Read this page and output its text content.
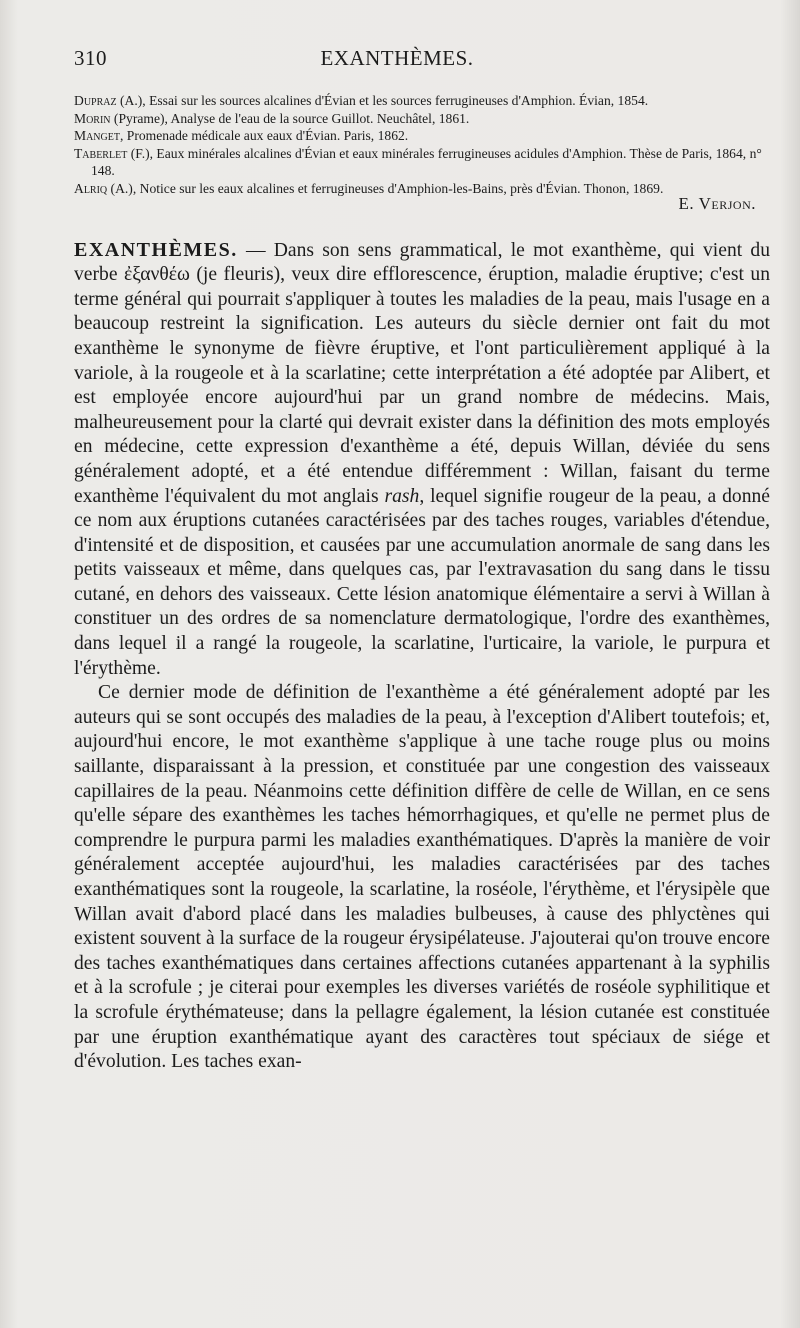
310	EXANTHÈMES.

Dupraz (A.), Essai sur les sources alcalines d'Évian et les sources ferrugineuses d'Amphion. Évian, 1854.

Morin (Pyrame), Analyse de l'eau de la source Guillot. Neuchâtel, 1861.

Manget, Promenade médicale aux eaux d'Évian. Paris, 1862.

Taberlet (F.), Eaux minérales alcalines d'Évian et eaux minérales ferrugineuses acidules d'Amphion. Thèse de Paris, 1864, n° 148.

Alriq (A.), Notice sur les eaux alcalines et ferrugineuses d'Amphion-les-Bains, près d'Évian. Thonon, 1869.

E. Verjon.

EXANTHÈMES. — Dans son sens grammatical, le mot exanthème, qui vient du verbe ἐξανθέω (je fleuris), veux dire efflorescence, éruption, maladie éruptive; c'est un terme général qui pourrait s'appliquer à toutes les maladies de la peau, mais l'usage en a beaucoup restreint la signification. Les auteurs du siècle dernier ont fait du mot exanthème le synonyme de fièvre éruptive, et l'ont particulièrement appliqué à la variole, à la rougeole et à la scarlatine; cette interprétation a été adoptée par Alibert, et est employée encore aujourd'hui par un grand nombre de médecins. Mais, malheureusement pour la clarté qui devrait exister dans la définition des mots employés en médecine, cette expression d'exanthème a été, depuis Willan, déviée du sens généralement adopté, et a été entendue différemment : Willan, faisant du terme exanthème l'équivalent du mot anglais rash, lequel signifie rougeur de la peau, a donné ce nom aux éruptions cutanées caractérisées par des taches rouges, variables d'étendue, d'intensité et de disposition, et causées par une accumulation anormale de sang dans les petits vaisseaux et même, dans quelques cas, par l'extravasation du sang dans le tissu cutané, en dehors des vaisseaux. Cette lésion anatomique élémentaire a servi à Willan à constituer un des ordres de sa nomenclature dermatologique, l'ordre des exanthèmes, dans lequel il a rangé la rougeole, la scarlatine, l'urticaire, la variole, le purpura et l'érythème.

Ce dernier mode de définition de l'exanthème a été généralement adopté par les auteurs qui se sont occupés des maladies de la peau, à l'exception d'Alibert toutefois; et, aujourd'hui encore, le mot exanthème s'applique à une tache rouge plus ou moins saillante, disparaissant à la pression, et constituée par une congestion des vaisseaux capillaires de la peau. Néanmoins cette définition diffère de celle de Willan, en ce sens qu'elle sépare des exanthèmes les taches hémorrhagiques, et qu'elle ne permet plus de comprendre le purpura parmi les maladies exanthématiques. D'après la manière de voir généralement acceptée aujourd'hui, les maladies caractérisées par des taches exanthématiques sont la rougeole, la scarlatine, la roséole, l'érythème, et l'érysipèle que Willan avait d'abord placé dans les maladies bulbeuses, à cause des phlyctènes qui existent souvent à la surface de la rougeur érysipélateuse. J'ajouterai qu'on trouve encore des taches exanthématiques dans certaines affections cutanées appartenant à la syphilis et à la scrofule ; je citerai pour exemples les diverses variétés de roséole syphilitique et la scrofule érythémateuse; dans la pellagre également, la lésion cutanée est constituée par une éruption exanthématique ayant des caractères tout spéciaux de siége et d'évolution. Les taches exan-
